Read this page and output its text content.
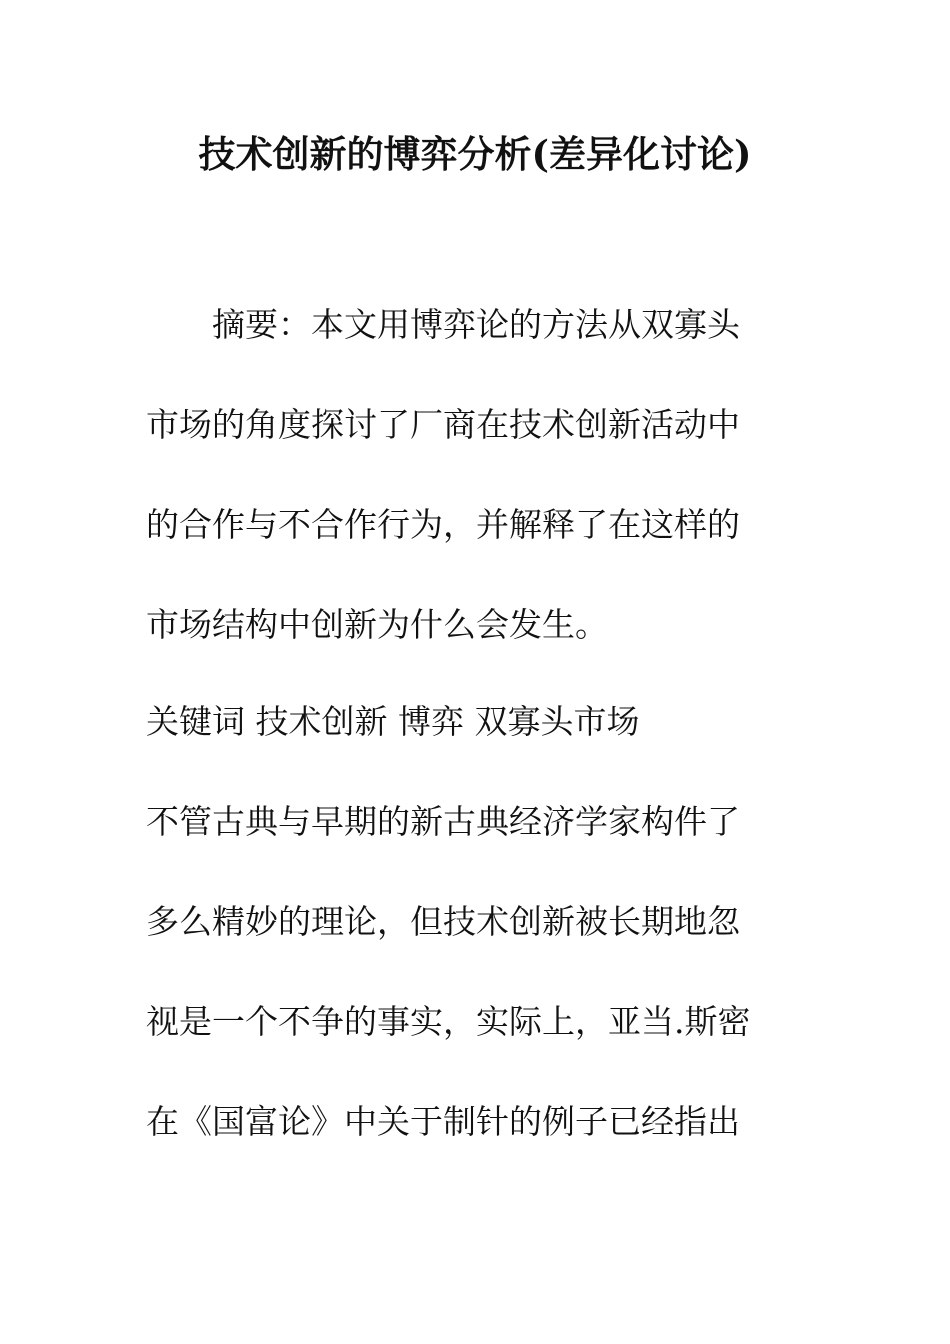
技术创新的博弈分析(差异化讨论)
摘要：本文用博弈论的方法从双寡头
市场的角度探讨了厂商在技术创新活动中
的合作与不合作行为，并解释了在这样的
市场结构中创新为什么会发生。
关键词 技术创新 博弈 双寡头市场
不管古典与早期的新古典经济学家构件了
多么精妙的理论，但技术创新被长期地忽
视是一个不争的事实，实际上，亚当.斯密
在《国富论》中关于制针的例子已经指出
